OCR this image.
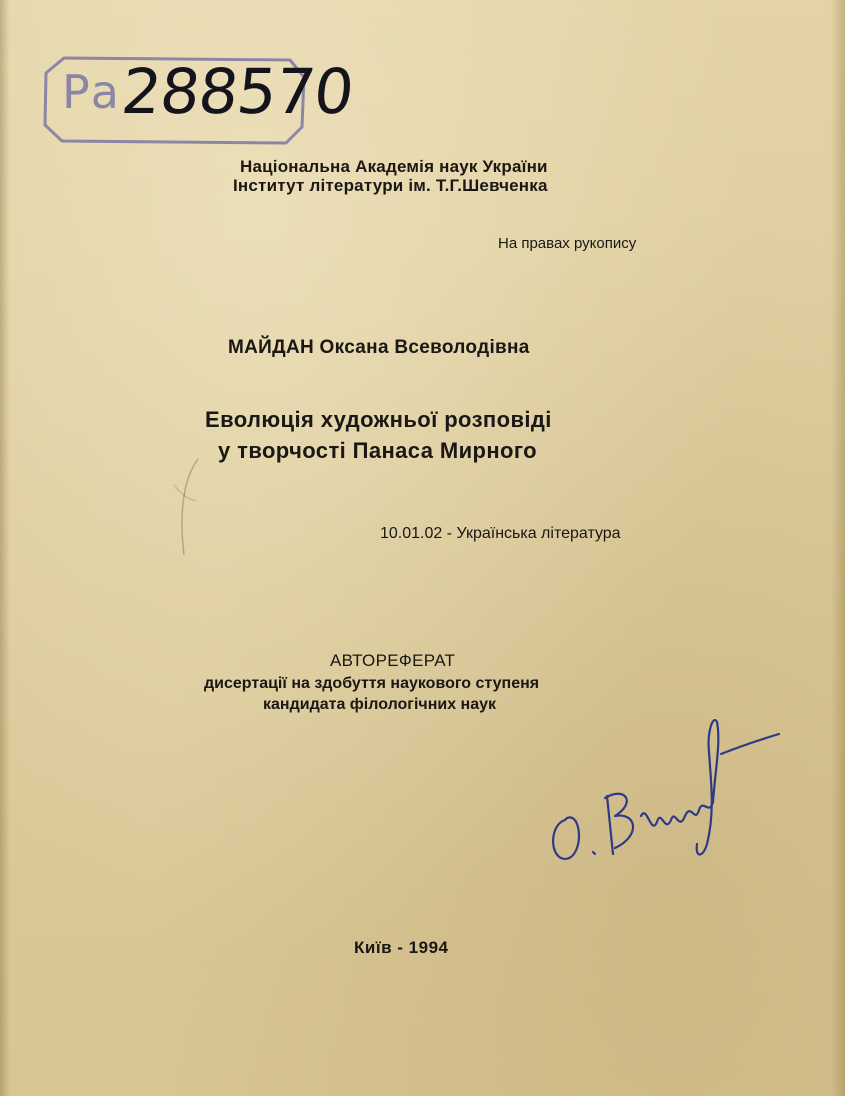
Ра
288570
Національна Академія наук України
Інститут літератури ім. Т.Г.Шевченка
На правах рукопису
МАЙДАН Оксана Всеволодівна
Еволюція художньої розповіді
у творчості Панаса Мирного
10.01.02 - Українська література
АВТОРЕФЕРАТ
дисертації на здобуття наукового ступеня
кандидата філологічних наук
Київ - 1994
